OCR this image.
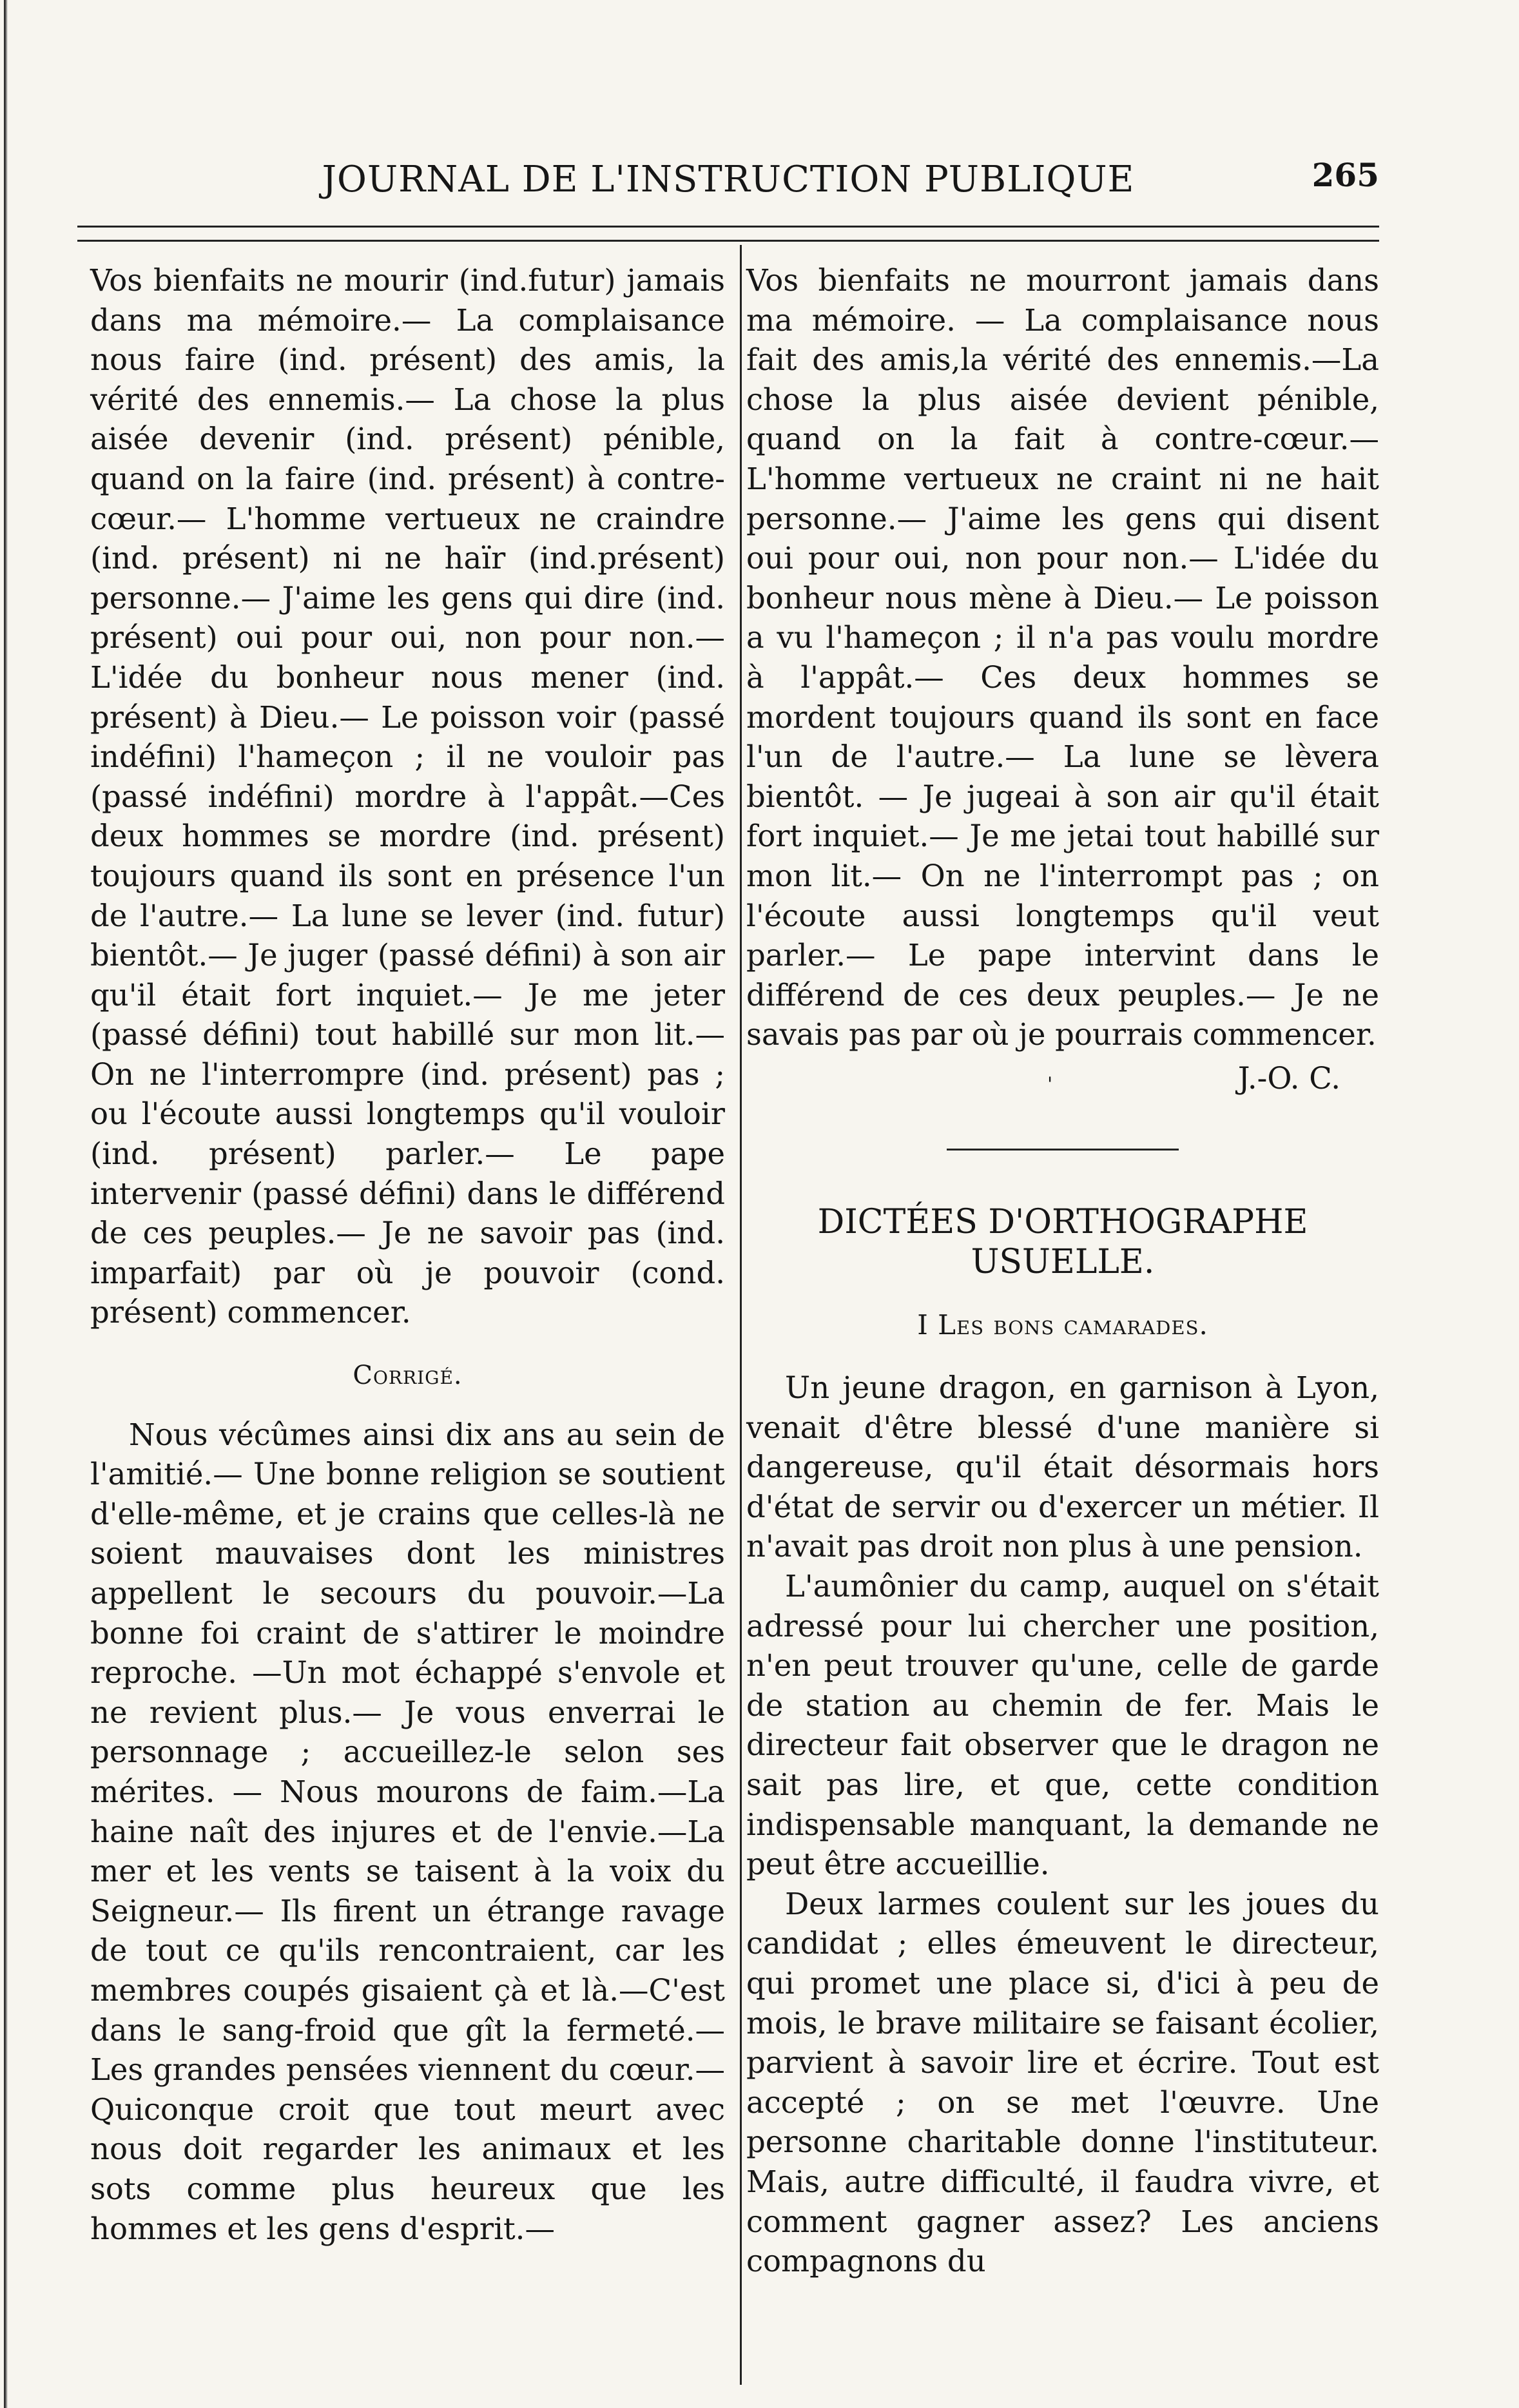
JOURNAL DE L'INSTRUCTION PUBLIQUE	265

Vos bienfaits ne mourir (ind.futur) jamais dans ma mémoire.— La complaisance nous faire (ind. présent) des amis, la vérité des ennemis.— La chose la plus aisée devenir (ind. présent) pénible, quand on la faire (ind. présent) à contre-cœur.— L'homme vertueux ne craindre (ind. présent) ni ne haïr (ind.présent) personne.— J'aime les gens qui dire (ind. présent) oui pour oui, non pour non.—L'idée du bonheur nous mener (ind. présent) à Dieu.— Le poisson voir (passé indéfini) l'hameçon ; il ne vouloir pas (passé indéfini) mordre à l'appât.—Ces deux hommes se mordre (ind. présent) toujours quand ils sont en présence l'un de l'autre.— La lune se lever (ind. futur) bientôt.— Je juger (passé défini) à son air qu'il était fort inquiet.— Je me jeter (passé défini) tout habillé sur mon lit.— On ne l'interrompre (ind. présent) pas ; ou l'écoute aussi longtemps qu'il vouloir (ind. présent) parler.— Le pape intervenir (passé défini) dans le différend de ces peuples.— Je ne savoir pas (ind. imparfait) par où je pouvoir (cond. présent) commencer.

Corrigé.

Nous vécûmes ainsi dix ans au sein de l'amitié.— Une bonne religion se soutient d'elle-même, et je crains que celles-là ne soient mauvaises dont les ministres appellent le secours du pouvoir.—La bonne foi craint de s'attirer le moindre reproche. —Un mot échappé s'envole et ne revient plus.— Je vous enverrai le personnage ; accueillez-le selon ses mérites. — Nous mourons de faim.—La haine naît des injures et de l'envie.—La mer et les vents se taisent à la voix du Seigneur.— Ils firent un étrange ravage de tout ce qu'ils rencontraient, car les membres coupés gisaient çà et là.—C'est dans le sang-froid que gît la fermeté.—Les grandes pensées viennent du cœur.— Quiconque croit que tout meurt avec nous doit regarder les animaux et les sots comme plus heureux que les hommes et les gens d'esprit.—

Vos bienfaits ne mourront jamais dans ma mémoire. — La complaisance nous fait des amis,la vérité des ennemis.—La chose la plus aisée devient pénible, quand on la fait à contre-cœur.— L'homme vertueux ne craint ni ne hait personne.— J'aime les gens qui disent oui pour oui, non pour non.— L'idée du bonheur nous mène à Dieu.— Le poisson a vu l'hameçon ; il n'a pas voulu mordre à l'appât.— Ces deux hommes se mordent toujours quand ils sont en face l'un de l'autre.— La lune se lèvera bientôt. — Je jugeai à son air qu'il était fort inquiet.— Je me jetai tout habillé sur mon lit.— On ne l'interrompt pas ; on l'écoute aussi longtemps qu'il veut parler.— Le pape intervint dans le différend de ces deux peuples.— Je ne savais pas par où je pourrais commencer.

J.-O. C.

DICTÉES D'ORTHOGRAPHE
USUELLE.

I Les bons camarades.

Un jeune dragon, en garnison à Lyon, venait d'être blessé d'une manière si dangereuse, qu'il était désormais hors d'état de servir ou d'exercer un métier. Il n'avait pas droit non plus à une pension.

L'aumônier du camp, auquel on s'était adressé pour lui chercher une position, n'en peut trouver qu'une, celle de garde de station au chemin de fer. Mais le directeur fait observer que le dragon ne sait pas lire, et que, cette condition indispensable manquant, la demande ne peut être accueillie.

Deux larmes coulent sur les joues du candidat ; elles émeuvent le directeur, qui promet une place si, d'ici à peu de mois, le brave militaire se faisant écolier, parvient à savoir lire et écrire. Tout est accepté ; on se met l'œuvre. Une personne charitable donne l'instituteur. Mais, autre difficulté, il faudra vivre, et comment gagner assez? Les anciens compagnons du

'
